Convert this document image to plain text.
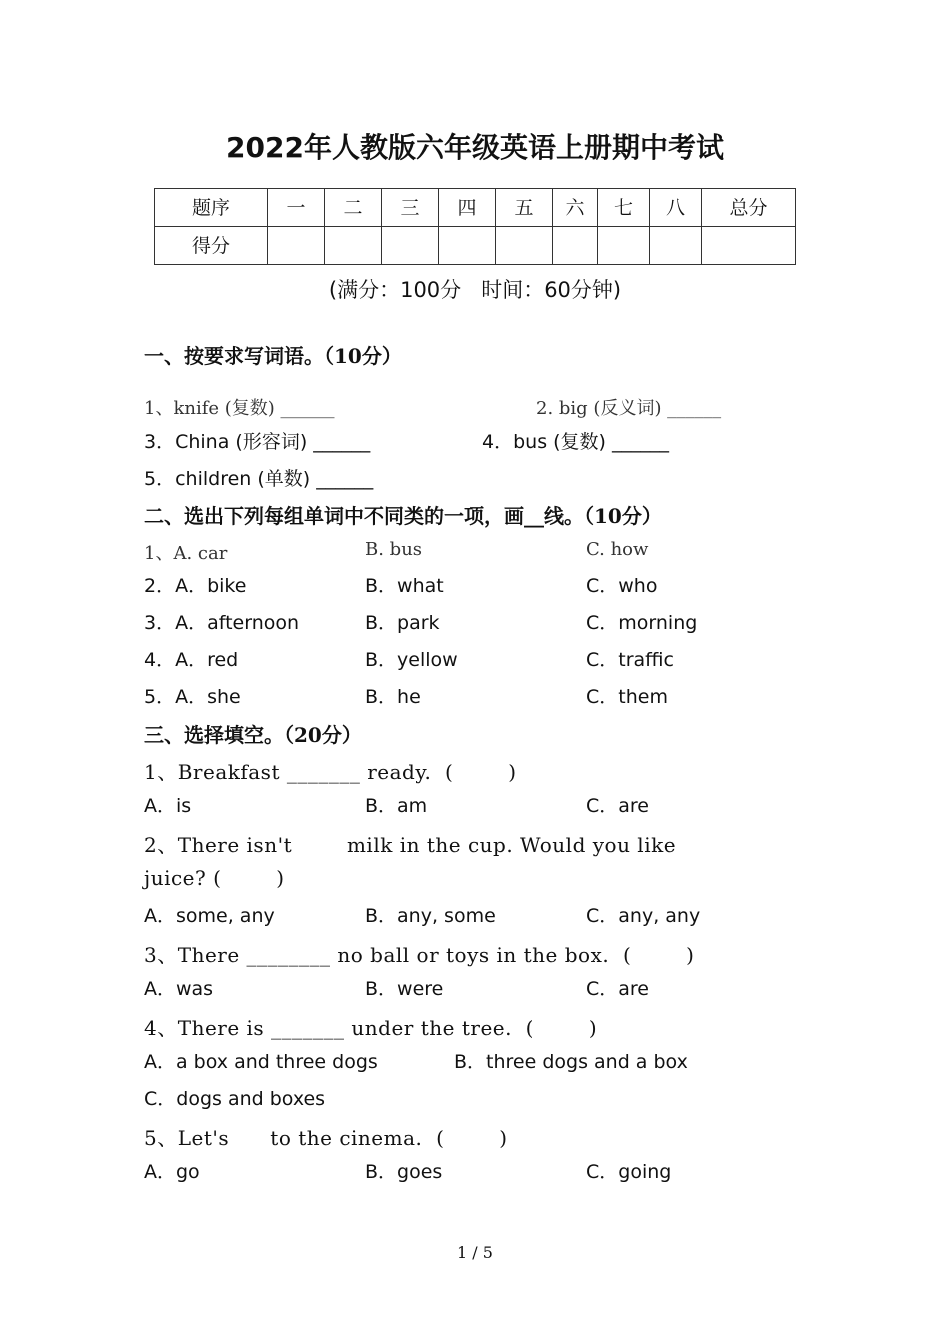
2022年人教版六年级英语上册期中考试
题序	一	二	三	四	五	六	七	八	总分
得分									
(满分：100分   时间：60分钟)
一、按要求写词语。（10分）
1、knife (复数) ______	2. big (反义词) ______
3．China (形容词) ______	4．bus (复数) ______
5．children (单数) ______
二、选出下列每组单词中不同类的一项，画__线。（10分）
1、A. car	B. bus	C. how
2．A．bike	B．what	C．who
3．A．afternoon	B．park	C．morning
4．A．red	B．yellow	C．traffic
5．A．she	B．he	C．them
三、选择填空。（20分）
1、Breakfast _______ ready.  (        )
A．is	B．am	C．are
2、There isn't        milk in the cup. Would you like
juice? (        )
A．some, any	B．any, some	C．any, any
3、There ________ no ball or toys in the box.  (        )
A．was	B．were	C．are
4、There is _______ under the tree.  (        )
A．a box and three dogs	B．three dogs and a box
C．dogs and boxes
5、Let's      to the cinema.  (        )
A．go	B．goes	C．going
1 / 5
